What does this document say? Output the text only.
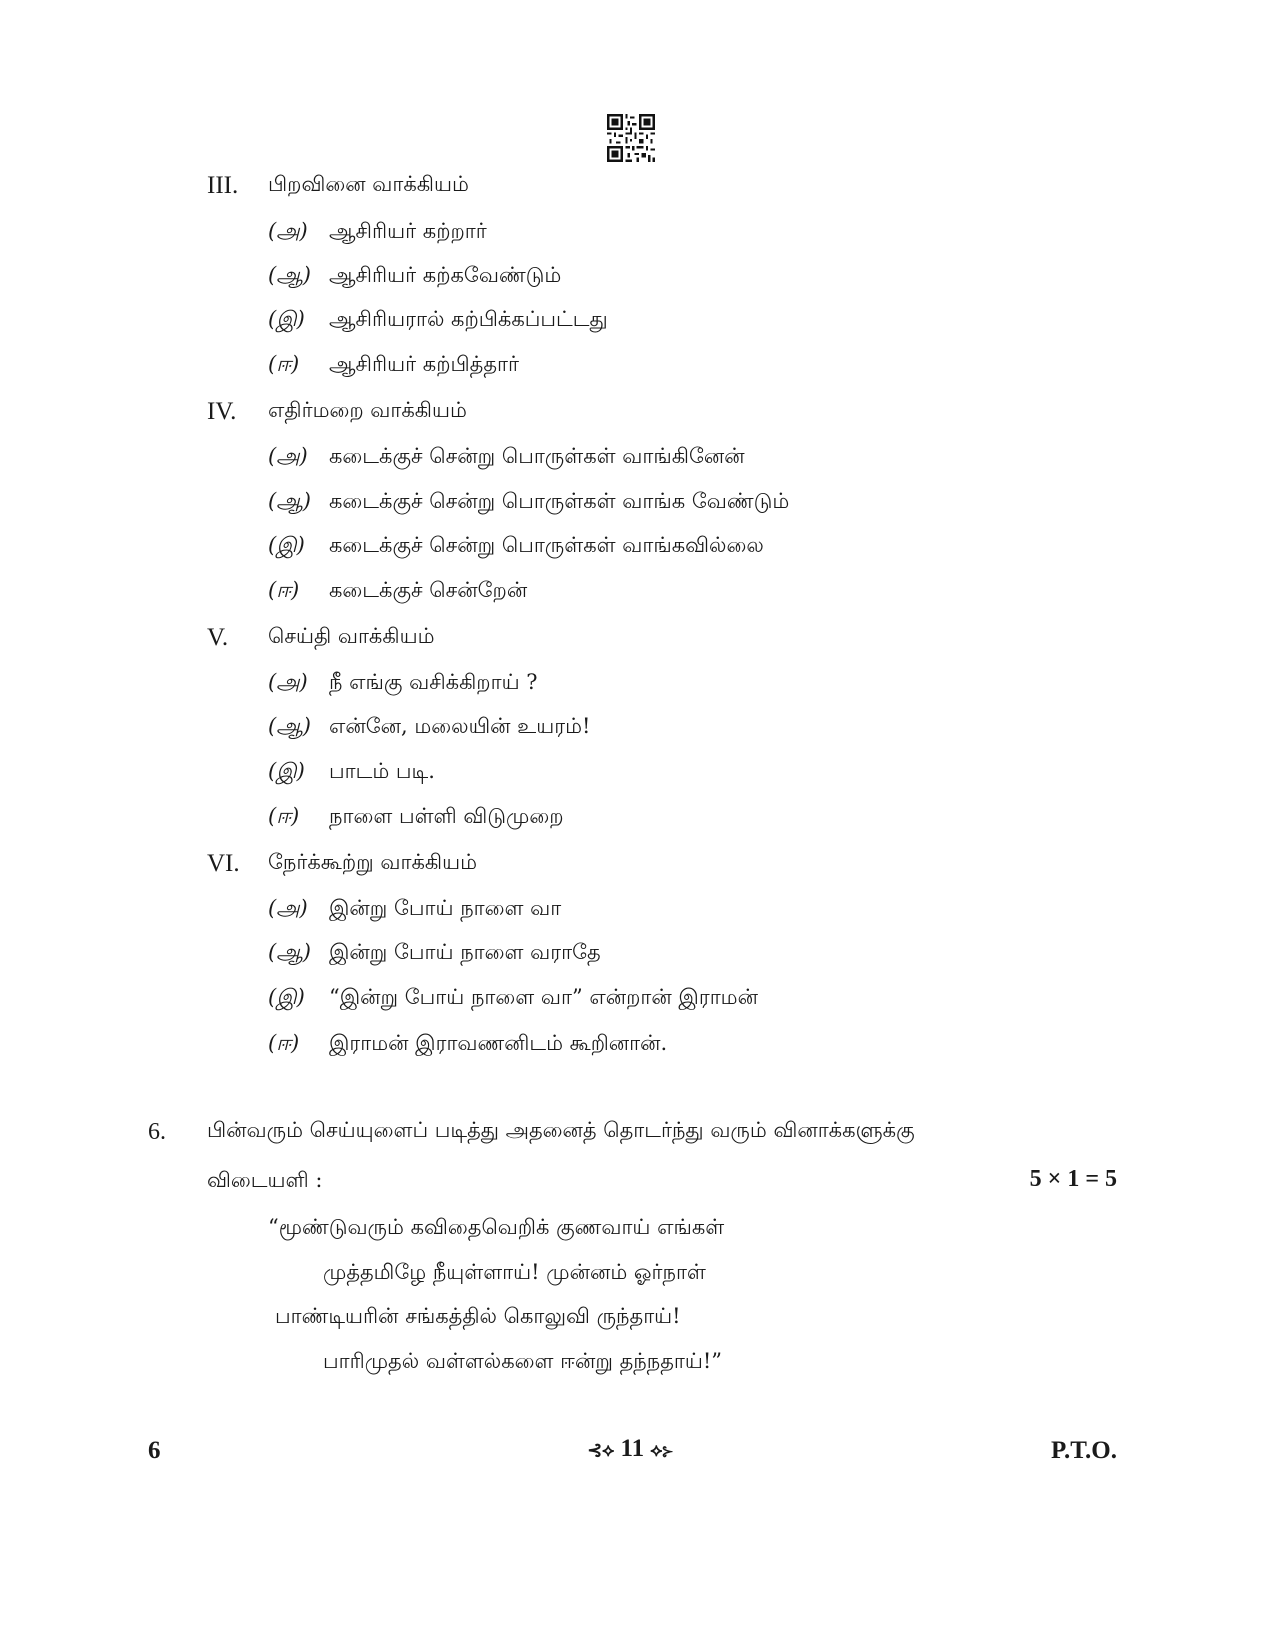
III. பிறவினை வாக்கியம்
(அ) ஆசிரியர் கற்றார்
(ஆ) ஆசிரியர் கற்கவேண்டும்
(இ) ஆசிரியரால் கற்பிக்கப்பட்டது
(ஈ) ஆசிரியர் கற்பித்தார்
IV. எதிர்மறை வாக்கியம்
(அ) கடைக்குச் சென்று பொருள்கள் வாங்கினேன்
(ஆ) கடைக்குச் சென்று பொருள்கள் வாங்க வேண்டும்
(இ) கடைக்குச் சென்று பொருள்கள் வாங்கவில்லை
(ஈ) கடைக்குச் சென்றேன்
V. செய்தி வாக்கியம்
(அ) நீ எங்கு வசிக்கிறாய் ?
(ஆ) என்னே, மலையின் உயரம்!
(இ) பாடம் படி.
(ஈ) நாளை பள்ளி விடுமுறை
VI. நேர்க்கூற்று வாக்கியம்
(அ) இன்று போய் நாளை வா
(ஆ) இன்று போய் நாளை வராதே
(இ) “இன்று போய் நாளை வா” என்றான் இராமன்
(ஈ) இராமன் இராவணனிடம் கூறினான்.
6. பின்வரும் செய்யுளைப் படித்து அதனைத் தொடர்ந்து வரும் வினாக்களுக்கு
விடையளி :	5 × 1 = 5
“மூண்டுவரும் கவிதைவெறிக் குணவாய் எங்கள்
முத்தமிழே நீயுள்ளாய்! முன்னம் ஓர்நாள்
பாண்டியரின் சங்கத்தில் கொலுவி ருந்தாய்!
பாரிமுதல் வள்ளல்களை ஈன்று தந்நதாய்!”
6	⊰⟡ 11 ⟡⊱	P.T.O.
